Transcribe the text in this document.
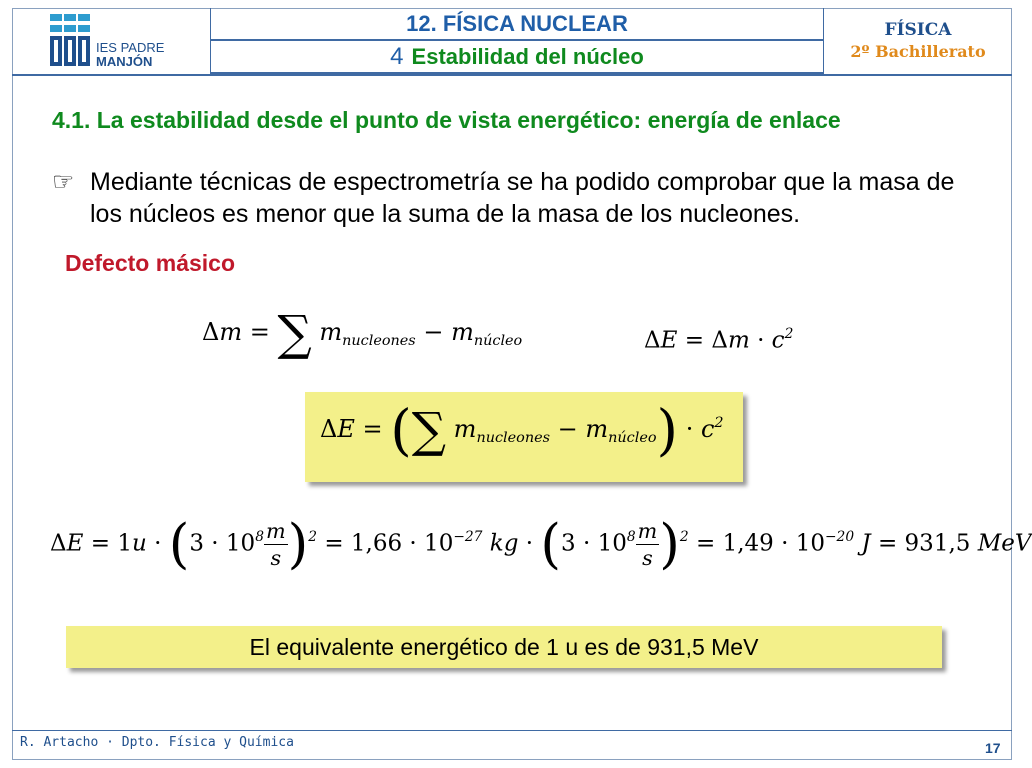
IES PADRE
MANJÓN
12. FÍSICA NUCLEAR
4 Estabilidad del núcleo
FÍSICA
2º Bachillerato
4.1. La estabilidad desde el punto de vista energético: energía de enlace
☞ Mediante técnicas de espectrometría se ha podido comprobar que la masa de los núcleos es menor que la suma de la masa de los nucleones.
Defecto másico
Δm = ∑ $m_{nucleones} - m_{núcleo}$	$\Delta E = \Delta m \cdot c^2$
ΔE = (∑ $m_{nucleones} - m_{núcleo}) \cdot c^2$
$\Delta E = 1u \cdot (3 \cdot 10^8 \frac{m}{s} )^2 = 1,66 \cdot 10^{-27}$ kg · $(3 \cdot 10^8 \frac{m}{s} )^2 = 1,49 \cdot 10^{-20}$ J = 931,5 MeV
El equivalente energético de 1 u es de 931,5 MeV
R. Artacho · Dpto. Física y Química	17
